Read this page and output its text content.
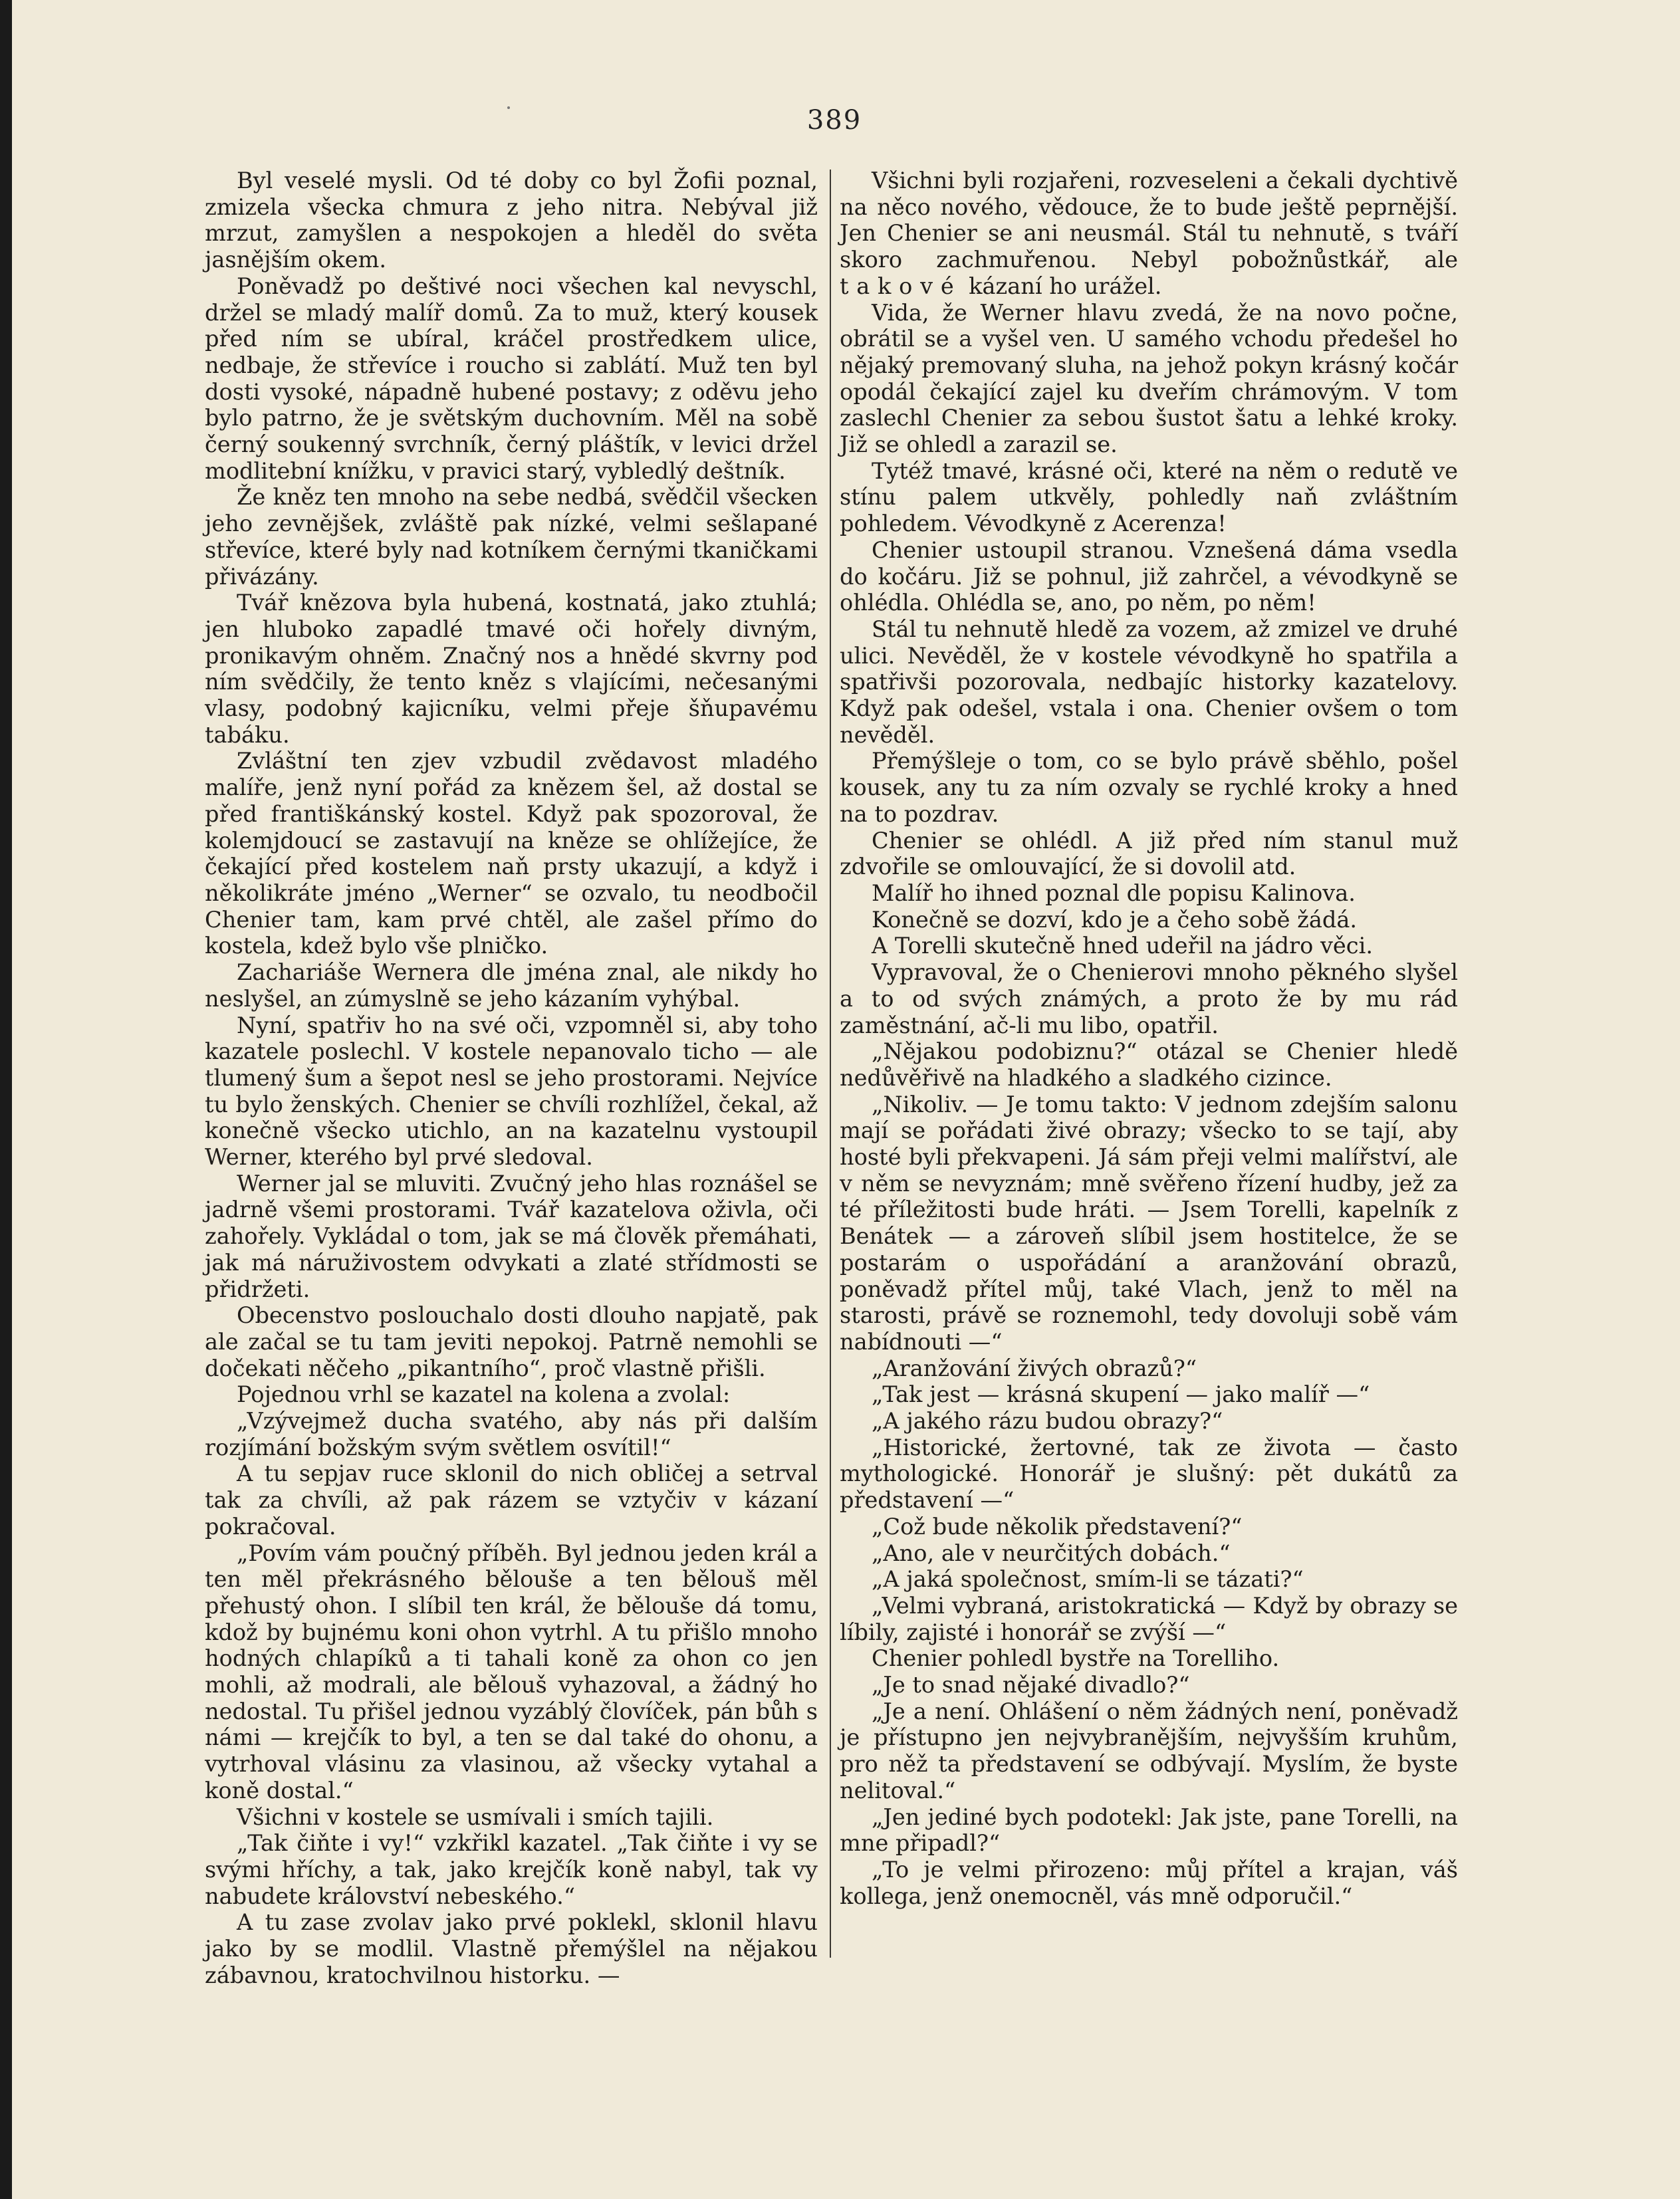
389

Byl veselé mysli. Od té doby co byl Žofii poznal, zmizela všecka chmura z jeho nitra. Nebýval již mrzut, zamyšlen a nespokojen a hleděl do světa jasnějším okem.

Poněvadž po deštivé noci všechen kal nevyschl, držel se mladý malíř domů. Za to muž, který kousek před ním se ubíral, kráčel prostředkem ulice, nedbaje, že střevíce i roucho si zablátí. Muž ten byl dosti vysoké, nápadně hubené postavy; z oděvu jeho bylo patrno, že je světským duchovním. Měl na sobě černý soukenný svrchník, černý pláštík, v levici držel modlitební knížku, v pravici starý, vybledlý deštník.

Že kněz ten mnoho na sebe nedbá, svědčil všecken jeho zevnějšek, zvláště pak nízké, velmi sešlapané střevíce, které byly nad kotníkem černými tkaničkami přivázány.

Tvář knězova byla hubená, kostnatá, jako ztuhlá; jen hluboko zapadlé tmavé oči hořely divným, pronikavým ohněm. Značný nos a hnědé skvrny pod ním svědčily, že tento kněz s vlajícími, nečesanými vlasy, podobný kajicníku, velmi přeje šňupavému tabáku.

Zvláštní ten zjev vzbudil zvědavost mladého malíře, jenž nyní pořád za knězem šel, až dostal se před františkánský kostel. Když pak spozoroval, že kolemjdoucí se zastavují na kněze se ohlížejíce, že čekající před kostelem naň prsty ukazují, a když i několikráte jméno „Werner“ se ozvalo, tu neodbočil Chenier tam, kam prvé chtěl, ale zašel přímo do kostela, kdež bylo vše plničko.

Zachariáše Wernera dle jména znal, ale nikdy ho neslyšel, an zúmyslně se jeho kázaním vyhýbal.

Nyní, spatřiv ho na své oči, vzpomněl si, aby toho kazatele poslechl. V kostele nepanovalo ticho — ale tlumený šum a šepot nesl se jeho prostorami. Nejvíce tu bylo ženských. Chenier se chvíli rozhlížel, čekal, až konečně všecko utichlo, an na kazatelnu vystoupil Werner, kterého byl prvé sledoval.

Werner jal se mluviti. Zvučný jeho hlas roznášel se jadrně všemi prostorami. Tvář kazatelova oživla, oči zahořely. Vykládal o tom, jak se má člověk přemáhati, jak má náruživostem odvykati a zlaté střídmosti se přidržeti.

Obecenstvo poslouchalo dosti dlouho napjatě, pak ale začal se tu tam jeviti nepokoj. Patrně nemohli se dočekati něčeho „pikantního“, proč vlastně přišli.

Pojednou vrhl se kazatel na kolena a zvolal:

„Vzývejmež ducha svatého, aby nás při dalším rozjímání božským svým světlem osvítil!“

A tu sepjav ruce sklonil do nich obličej a setrval tak za chvíli, až pak rázem se vztyčiv v kázaní pokračoval.

„Povím vám poučný příběh. Byl jednou jeden král a ten měl překrásného bělouše a ten bělouš měl přehustý ohon. I slíbil ten král, že bělouše dá tomu, kdož by bujnému koni ohon vytrhl. A tu přišlo mnoho hodných chlapíků a ti tahali koně za ohon co jen mohli, až modrali, ale bělouš vyhazoval, a žádný ho nedostal. Tu přišel jednou vyzáblý človíček, pán bůh s námi — krejčík to byl, a ten se dal také do ohonu, a vytrhoval vlásinu za vlasinou, až všecky vytahal a koně dostal.“

Všichni v kostele se usmívali i smích tajili.

„Tak čiňte i vy!“ vzkřikl kazatel. „Tak čiňte i vy se svými hříchy, a tak, jako krejčík koně nabyl, tak vy nabudete království nebeského.“

A tu zase zvolav jako prvé poklekl, sklonil hlavu jako by se modlil. Vlastně přemýšlel na nějakou zábavnou, kratochvilnou historku. —

Všichni byli rozjařeni, rozveseleni a čekali dychtivě na něco nového, vědouce, že to bude ještě peprnější. Jen Chenier se ani neusmál. Stál tu nehnutě, s tváří skoro zachmuřenou. Nebyl pobožnůstkář, ale takové kázaní ho urážel.

Vida, že Werner hlavu zvedá, že na novo počne, obrátil se a vyšel ven. U samého vchodu předešel ho nějaký premovaný sluha, na jehož pokyn krásný kočár opodál čekající zajel ku dveřím chrámovým. V tom zaslechl Chenier za sebou šustot šatu a lehké kroky. Již se ohledl a zarazil se.

Tytéž tmavé, krásné oči, které na něm o redutě ve stínu palem utkvěly, pohledly naň zvláštním pohledem. Vévodkyně z Acerenza!

Chenier ustoupil stranou. Vznešená dáma vsedla do kočáru. Již se pohnul, již zahrčel, a vévodkyně se ohlédla. Ohlédla se, ano, po něm, po něm!

Stál tu nehnutě hledě za vozem, až zmizel ve druhé ulici. Nevěděl, že v kostele vévodkyně ho spatřila a spatřivši pozorovala, nedbajíc historky kazatelovy. Když pak odešel, vstala i ona. Chenier ovšem o tom nevěděl.

Přemýšleje o tom, co se bylo právě sběhlo, pošel kousek, any tu za ním ozvaly se rychlé kroky a hned na to pozdrav.

Chenier se ohlédl. A již před ním stanul muž zdvořile se omlouvající, že si dovolil atd.

Malíř ho ihned poznal dle popisu Kalinova.

Konečně se dozví, kdo je a čeho sobě žádá.

A Torelli skutečně hned udeřil na jádro věci.

Vypravoval, že o Chenierovi mnoho pěkného slyšel a to od svých známých, a proto že by mu rád zaměstnání, ač-li mu libo, opatřil.

„Nějakou podobiznu?“ otázal se Chenier hledě nedůvěřivě na hladkého a sladkého cizince.

„Nikoliv. — Je tomu takto: V jednom zdejším salonu mají se pořádati živé obrazy; všecko to se tají, aby hosté byli překvapeni. Já sám přeji velmi malířství, ale v něm se nevyznám; mně svěřeno řízení hudby, jež za té příležitosti bude hráti. — Jsem Torelli, kapelník z Benátek — a zároveň slíbil jsem hostitelce, že se postarám o uspořádání a aranžování obrazů, poněvadž přítel můj, také Vlach, jenž to měl na starosti, právě se roznemohl, tedy dovoluji sobě vám nabídnouti —“

„Aranžování živých obrazů?“

„Tak jest — krásná skupení — jako malíř —“

„A jakého rázu budou obrazy?“

„Historické, žertovné, tak ze života — často mythologické. Honorář je slušný: pět dukátů za představení —“

„Což bude několik představení?“

„Ano, ale v neurčitých dobách.“

„A jaká společnost, smím-li se tázati?“

„Velmi vybraná, aristokratická — Když by obrazy se líbily, zajisté i honorář se zvýší —“

Chenier pohledl bystře na Torelliho.

„Je to snad nějaké divadlo?“

„Je a není. Ohlášení o něm žádných není, poněvadž je přístupno jen nejvybranějším, nejvyšším kruhům, pro něž ta představení se odbývají. Myslím, že byste nelitoval.“

„Jen jediné bych podotekl: Jak jste, pane Torelli, na mne připadl?“

„To je velmi přirozeno: můj přítel a krajan, váš kollega, jenž onemocněl, vás mně odporučil.“
